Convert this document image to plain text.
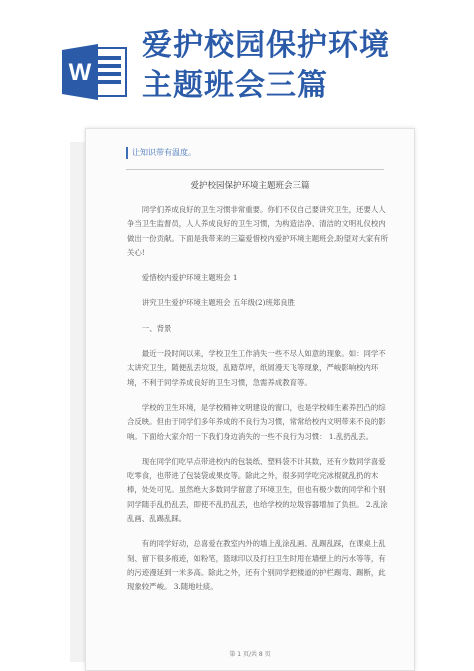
W
爱护校园保护环境
主题班会三篇
让知识带有温度。
爱护校园保护环境主题班会三篇

同学们养成良好的卫生习惯非常重要。你们不仅自己要讲究卫生，还要人人争当卫生监督员，人人养成良好的卫生习惯，为构造洁净、清洁的文明礼仪校内做出一份贡献。下面是我带来的三篇爱惜校内爱护环境主题班会,盼望对大家有所关心!

爱惜校内爱护环境主题班会 1

讲究卫生爱护环境主题班会 五年级(2)班郑良胜

一、背景

最近一段时间以来，学校卫生工作消失一些不尽人如意的现象。如：同学不太讲究卫生，随便乱丢垃圾，乱踏草坪，纸屑漫天飞等现象，严峻影响校内环境，不利于同学养成良好的卫生习惯，急需养成教育等。

学校的卫生环境，是学校精神文明建设的窗口，也是学校师生素养凹凸的综合反映。但由于同学们多年养成的不良行为习惯，常常给校内文明带来不良的影响。下面给大家介绍一下我们身边消失的一些不良行为习惯： 1.乱扔乱丢。

现在同学们吃早点带进校内的包装纸、塑料袋不计其数，还有少数同学喜爱吃零食，也带进了包装袋或果皮等。除此之外，很多同学吃完冰棍就乱扔的木棒，处处可见。虽然绝大多数同学留意了环境卫生，但也有极少数的同学和个别同学随手乱扔乱丢，即使不乱扔乱丢，也给学校的垃圾容器增加了负担。 2.乱涂乱画、乱踢乱踩。

有的同学好动，总喜爱在教室内外的墙上乱涂乱画、乱踢乱踩，在课桌上乱刻、留下很多痕迹，如粉笔，篮球印以及打扫卫生时甩在墙壁上的污水等等，有的污迹漫延到一米多高。除此之外，还有个别同学把楼道的护栏踢弯、踢断，此现象较严峻。 3.随地吐痰。

第 1 页/共 8 页
